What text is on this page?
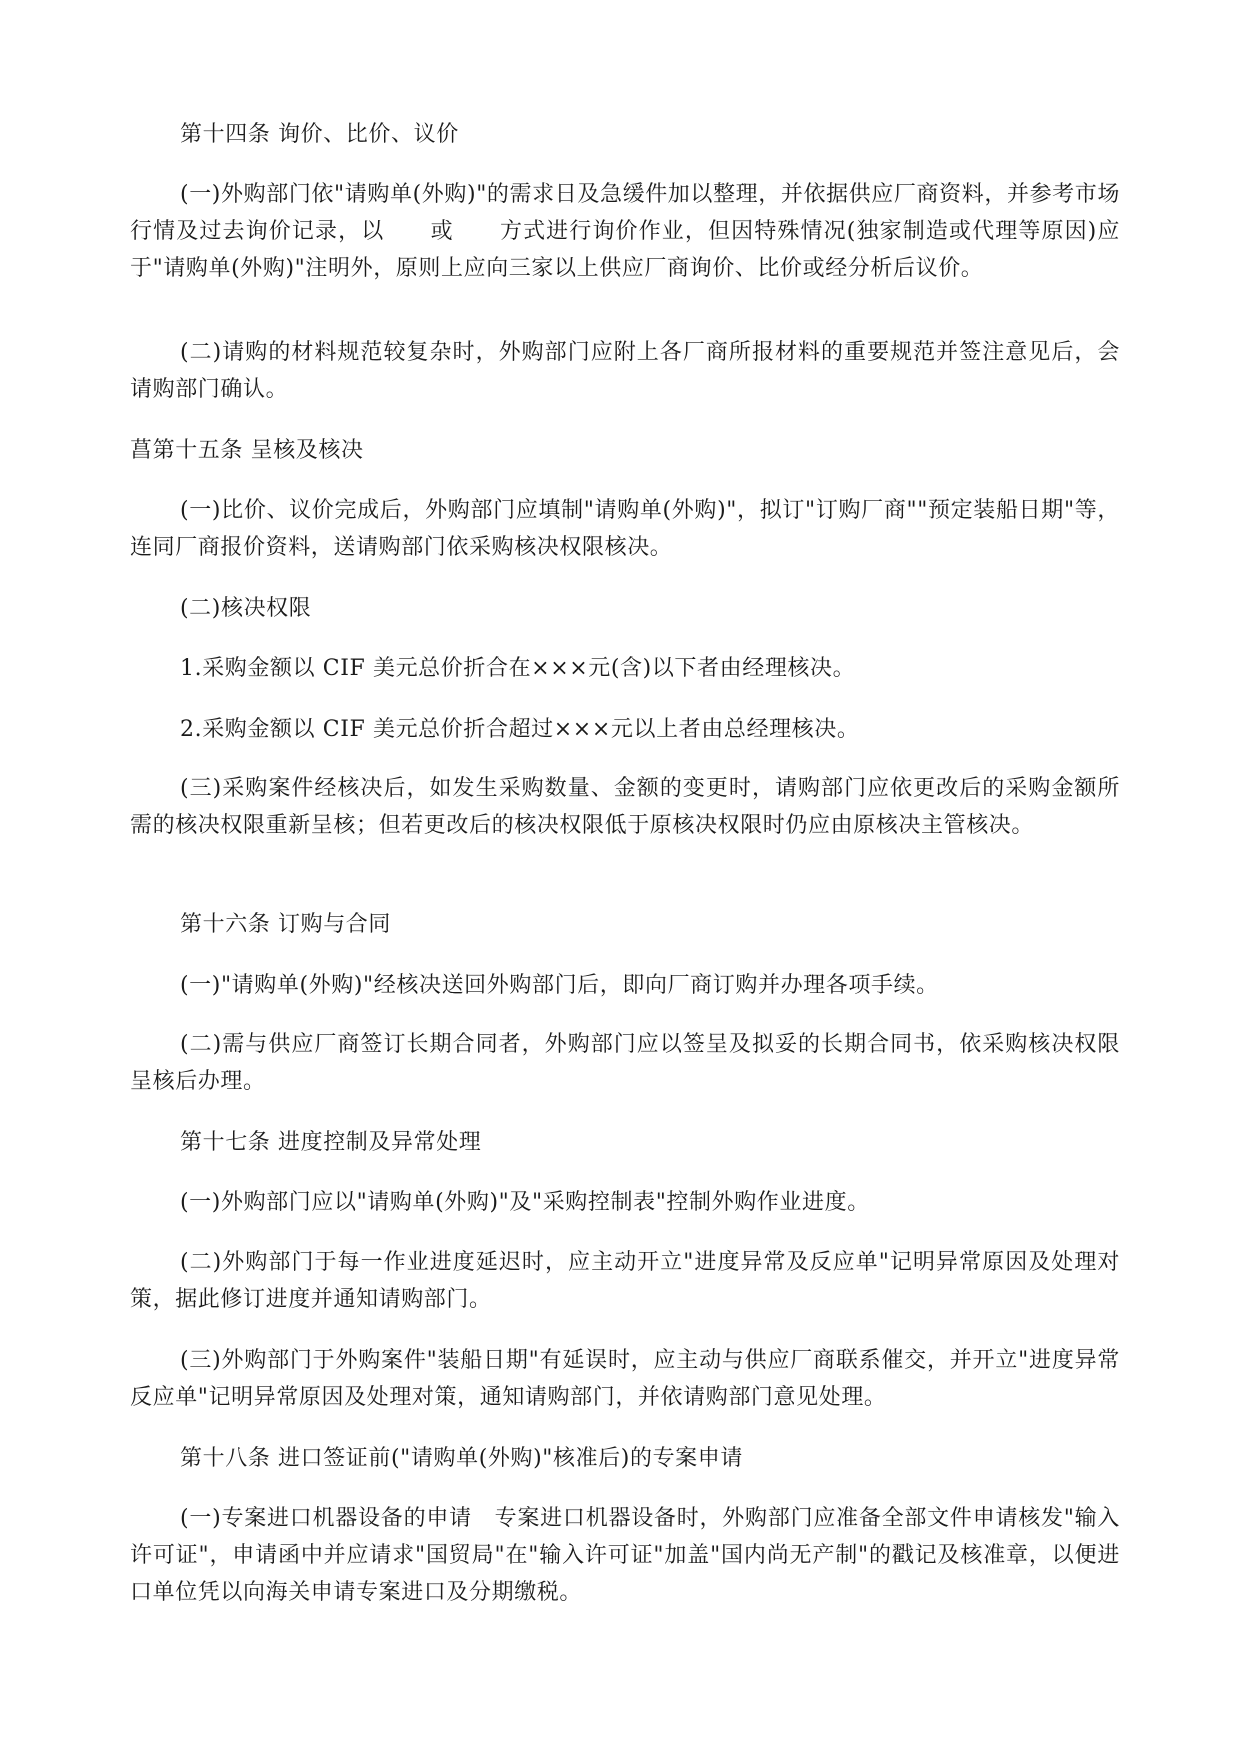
第十四条 询价、比价、议价

(一)外购部门依"请购单(外购)"的需求日及急缓件加以整理，并依据供应厂商资料，并参考市场行情及过去询价记录，以　　或　　方式进行询价作业，但因特殊情况(独家制造或代理等原因)应于"请购单(外购)"注明外，原则上应向三家以上供应厂商询价、比价或经分析后议价。

(二)请购的材料规范较复杂时，外购部门应附上各厂商所报材料的重要规范并签注意见后，会请购部门确认。

菖第十五条 呈核及核决

(一)比价、议价完成后，外购部门应填制"请购单(外购)"，拟订"订购厂商""预定装船日期"等，连同厂商报价资料，送请购部门依采购核决权限核决。

(二)核决权限

1.采购金额以 CIF 美元总价折合在×××元(含)以下者由经理核决。

2.采购金额以 CIF 美元总价折合超过×××元以上者由总经理核决。

(三)采购案件经核决后，如发生采购数量、金额的变更时，请购部门应依更改后的采购金额所需的核决权限重新呈核；但若更改后的核决权限低于原核决权限时仍应由原核决主管核决。

第十六条 订购与合同

(一)"请购单(外购)"经核决送回外购部门后，即向厂商订购并办理各项手续。

(二)需与供应厂商签订长期合同者，外购部门应以签呈及拟妥的长期合同书，依采购核决权限呈核后办理。

第十七条 进度控制及异常处理

(一)外购部门应以"请购单(外购)"及"采购控制表"控制外购作业进度。

(二)外购部门于每一作业进度延迟时，应主动开立"进度异常及反应单"记明异常原因及处理对策，据此修订进度并通知请购部门。

(三)外购部门于外购案件"装船日期"有延误时，应主动与供应厂商联系催交，并开立"进度异常反应单"记明异常原因及处理对策，通知请购部门，并依请购部门意见处理。

第十八条 进口签证前("请购单(外购)"核准后)的专案申请

(一)专案进口机器设备的申请　专案进口机器设备时，外购部门应准备全部文件申请核发"输入许可证"，申请函中并应请求"国贸局"在"输入许可证"加盖"国内尚无产制"的戳记及核准章，以便进口单位凭以向海关申请专案进口及分期缴税。
